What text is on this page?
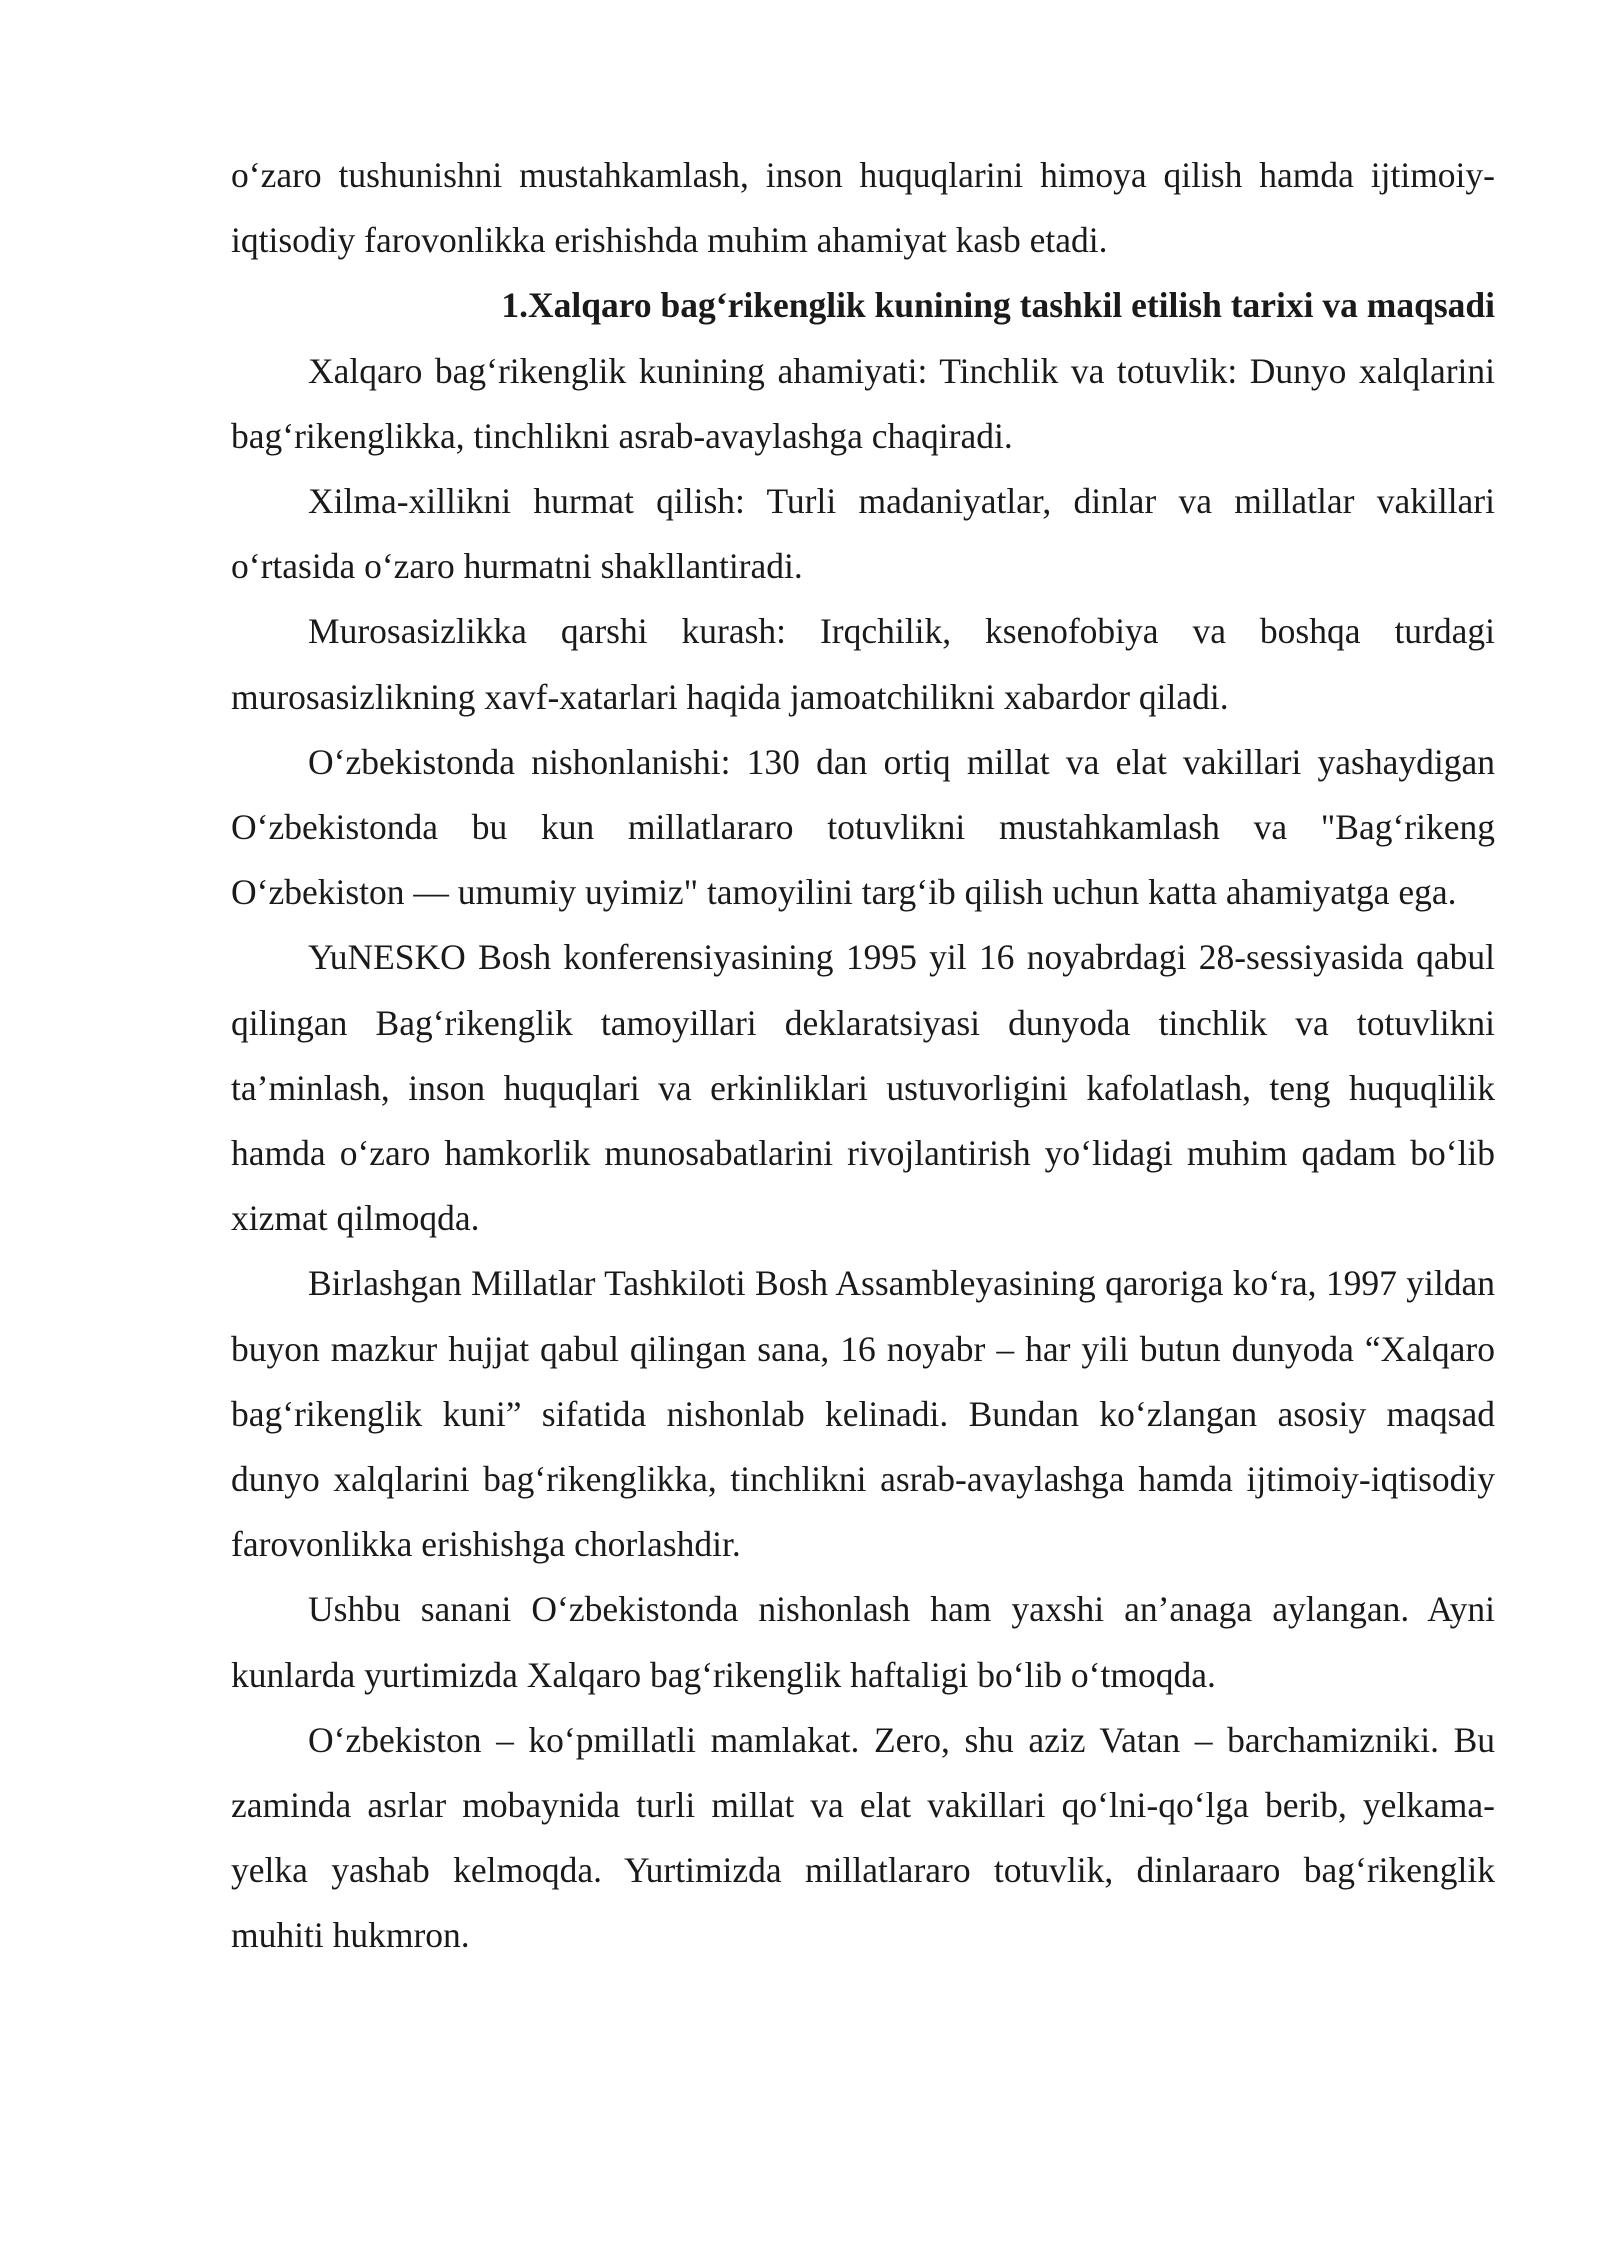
o‘zaro tushunishni mustahkamlash, inson huquqlarini himoya qilish hamda ijtimoiy-iqtisodiy farovonlikka erishishda muhim ahamiyat kasb etadi.

1.Xalqaro bag‘rikenglik kunining tashkil etilish tarixi va maqsadi

Xalqaro bag‘rikenglik kunining ahamiyati: Tinchlik va totuvlik: Dunyo xalqlarini bag‘rikenglikka, tinchlikni asrab-avaylashga chaqiradi.

Xilma-xillikni hurmat qilish: Turli madaniyatlar, dinlar va millatlar vakillari o‘rtasida o‘zaro hurmatni shakllantiradi.

Murosasizlikka qarshi kurash: Irqchilik, ksenofobiya va boshqa turdagi murosasizlikning xavf-xatarlari haqida jamoatchilikni xabardor qiladi.

O‘zbekistonda nishonlanishi: 130 dan ortiq millat va elat vakillari yashaydigan O‘zbekistonda bu kun millatlararo totuvlikni mustahkamlash va "Bag‘rikeng O‘zbekiston — umumiy uyimiz" tamoyilini targ‘ib qilish uchun katta ahamiyatga ega.

YuNESKO Bosh konferensiyasining 1995 yil 16 noyabrdagi 28-sessiyasida qabul qilingan Bag‘rikenglik tamoyillari deklaratsiyasi dunyoda tinchlik va totuvlikni ta’minlash, inson huquqlari va erkinliklari ustuvorligini kafolatlash, teng huquqlilik hamda o‘zaro hamkorlik munosabatlarini rivojlantirish yo‘lidagi muhim qadam bo‘lib xizmat qilmoqda.

Birlashgan Millatlar Tashkiloti Bosh Assambleyasining qaroriga ko‘ra, 1997 yildan buyon mazkur hujjat qabul qilingan sana, 16 noyabr – har yili butun dunyoda “Xalqaro bag‘rikenglik kuni” sifatida nishonlab kelinadi. Bundan ko‘zlangan asosiy maqsad dunyo xalqlarini bag‘rikenglikka, tinchlikni asrab-avaylashga hamda ijtimoiy-iqtisodiy farovonlikka erishishga chorlashdir.

Ushbu sanani O‘zbekistonda nishonlash ham yaxshi an’anaga aylangan. Ayni kunlarda yurtimizda Xalqaro bag‘rikenglik haftaligi bo‘lib o‘tmoqda.

O‘zbekiston – ko‘pmillatli mamlakat. Zero, shu aziz Vatan – barchamizniki. Bu zaminda asrlar mobaynida turli millat va elat vakillari qo‘lni-qo‘lga berib, yelkama-yelka yashab kelmoqda. Yurtimizda millatlararo totuvlik, dinlaraaro bag‘rikenglik muhiti hukmron.
